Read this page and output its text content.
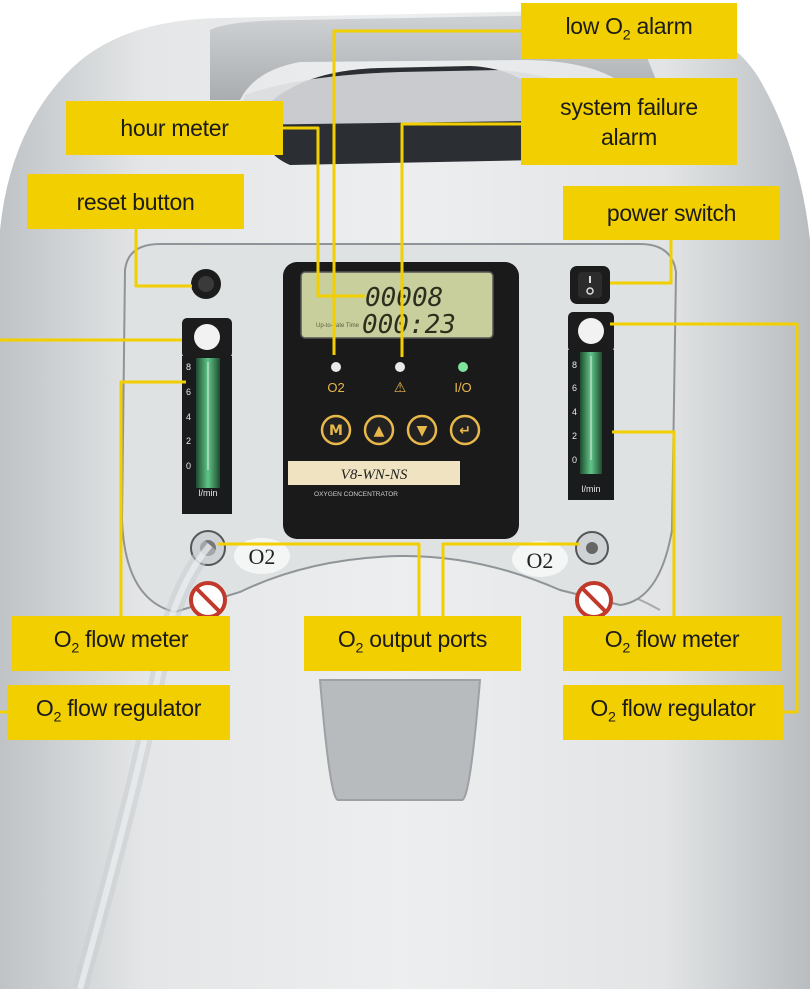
Up-to-date Time
00008
000:23
O2	⚠	I/O
M ▲ ▼ ↵
V8-WN-NS
OXYGEN CONCENTRATOR
8
6
4
2
0
l/min
8
6
4
2
0
l/min
O2	O2
low $O_2$ alarm
hour meter
system failure
alarm
reset button	power switch
$O_2$ flow meter	$O_2$ output ports	$O_2$ flow meter
$O_2$ flow regulator	$O_2$ flow regulator
